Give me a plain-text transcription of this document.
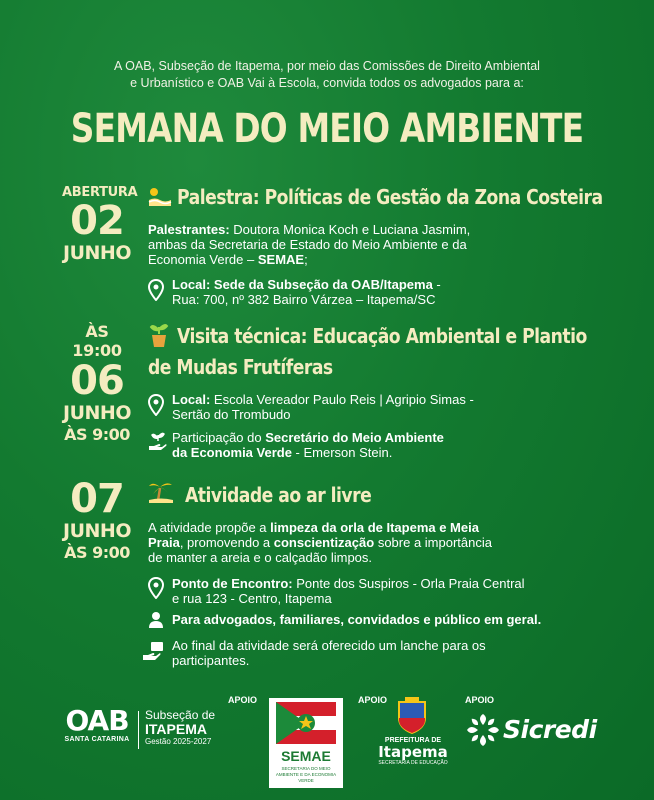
A OAB, Subseção de Itapema, por meio das Comissões de Direito Ambiental
e Urbanístico e OAB Vai à Escola, convida todos os advogados para a:
SEMANA DO MEIO AMBIENTE
ABERTURA
02
JUNHO
Palestra: Políticas de Gestão da Zona Costeira
Palestrantes: Doutora Monica Koch e Luciana Jasmim,
ambas da Secretaria de Estado do Meio Ambiente e da
Economia Verde – SEMAE;
Local: Sede da Subseção da OAB/Itapema -
Rua: 700, nº 382 Bairro Várzea – Itapema/SC
ÀS 19:00
06
JUNHO
ÀS 9:00
Visita técnica: Educação Ambiental e Plantio
de Mudas Frutíferas
Local: Escola Vereador Paulo Reis | Agripio Simas -
Sertão do Trombudo
Participação do Secretário do Meio Ambiente
da Economia Verde - Emerson Stein.
07
JUNHO
ÀS 9:00
Atividade ao ar livre
A atividade propõe a limpeza da orla de Itapema e Meia
Praia, promovendo a conscientização sobre a importância
de manter a areia e o calçadão limpos.
Ponto de Encontro: Ponte dos Suspiros - Orla Praia Central
e rua 123 - Centro, Itapema
Para advogados, familiares, convidados e público em geral.
Ao final da atividade será oferecido um lanche para os
participantes.
OAB
SANTA CATARINA
Subseção de
ITAPEMA
Gestão 2025-2027
APOIO
SEMAE
SECRETARIA DO MEIO AMBIENTE E DA ECONOMIA VERDE
APOIO
PREFEITURA DE
Itapema
SECRETARIA DE EDUCAÇÃO
APOIO
Sicredi
